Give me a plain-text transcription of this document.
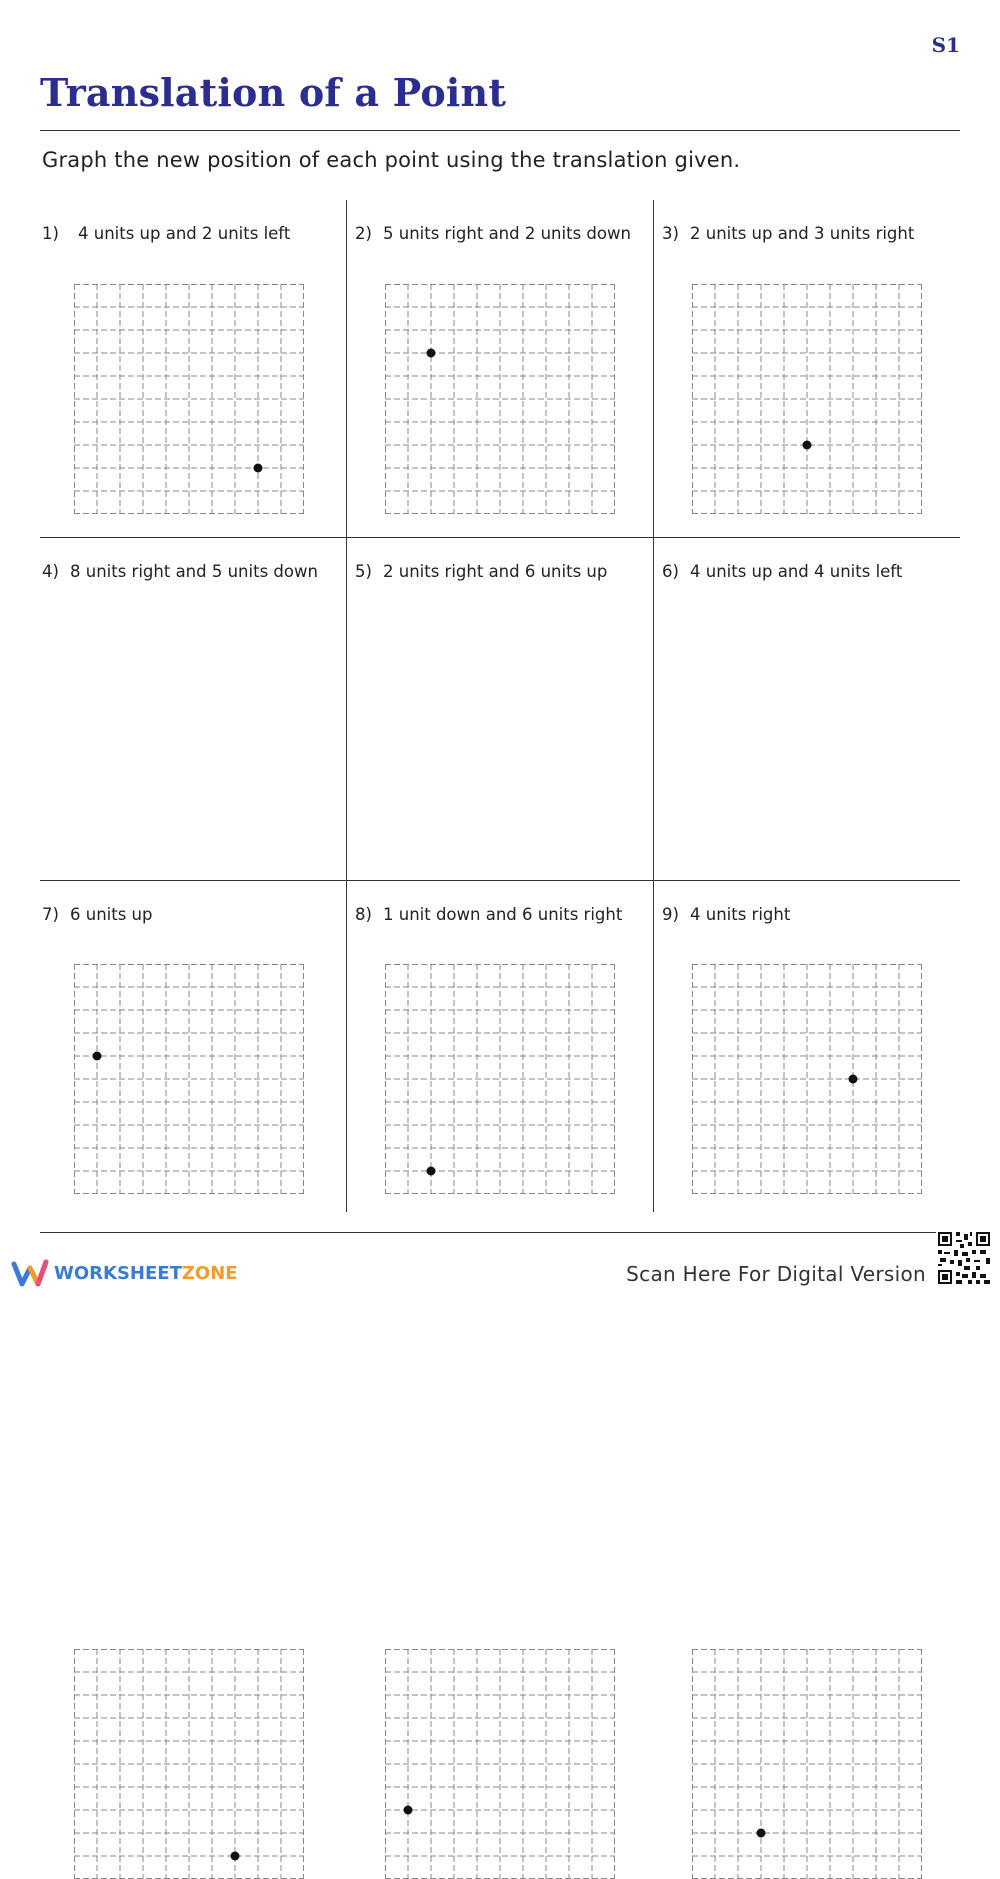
S1
Translation of a Point

Graph the new position of each point using the translation given.

1) 4 units up and 2 units left	2) 5 units right and 2 units down 3) 2 units up and 3 units right
4) 8 units right and 5 units down 5) 2 units right and 6 units up	6) 4 units up and 4 units left
7) 6 units up	8) 1 unit down and 6 units right 9) 4 units right
WORKSHEET ZONE	Scan Here For Digital Version
